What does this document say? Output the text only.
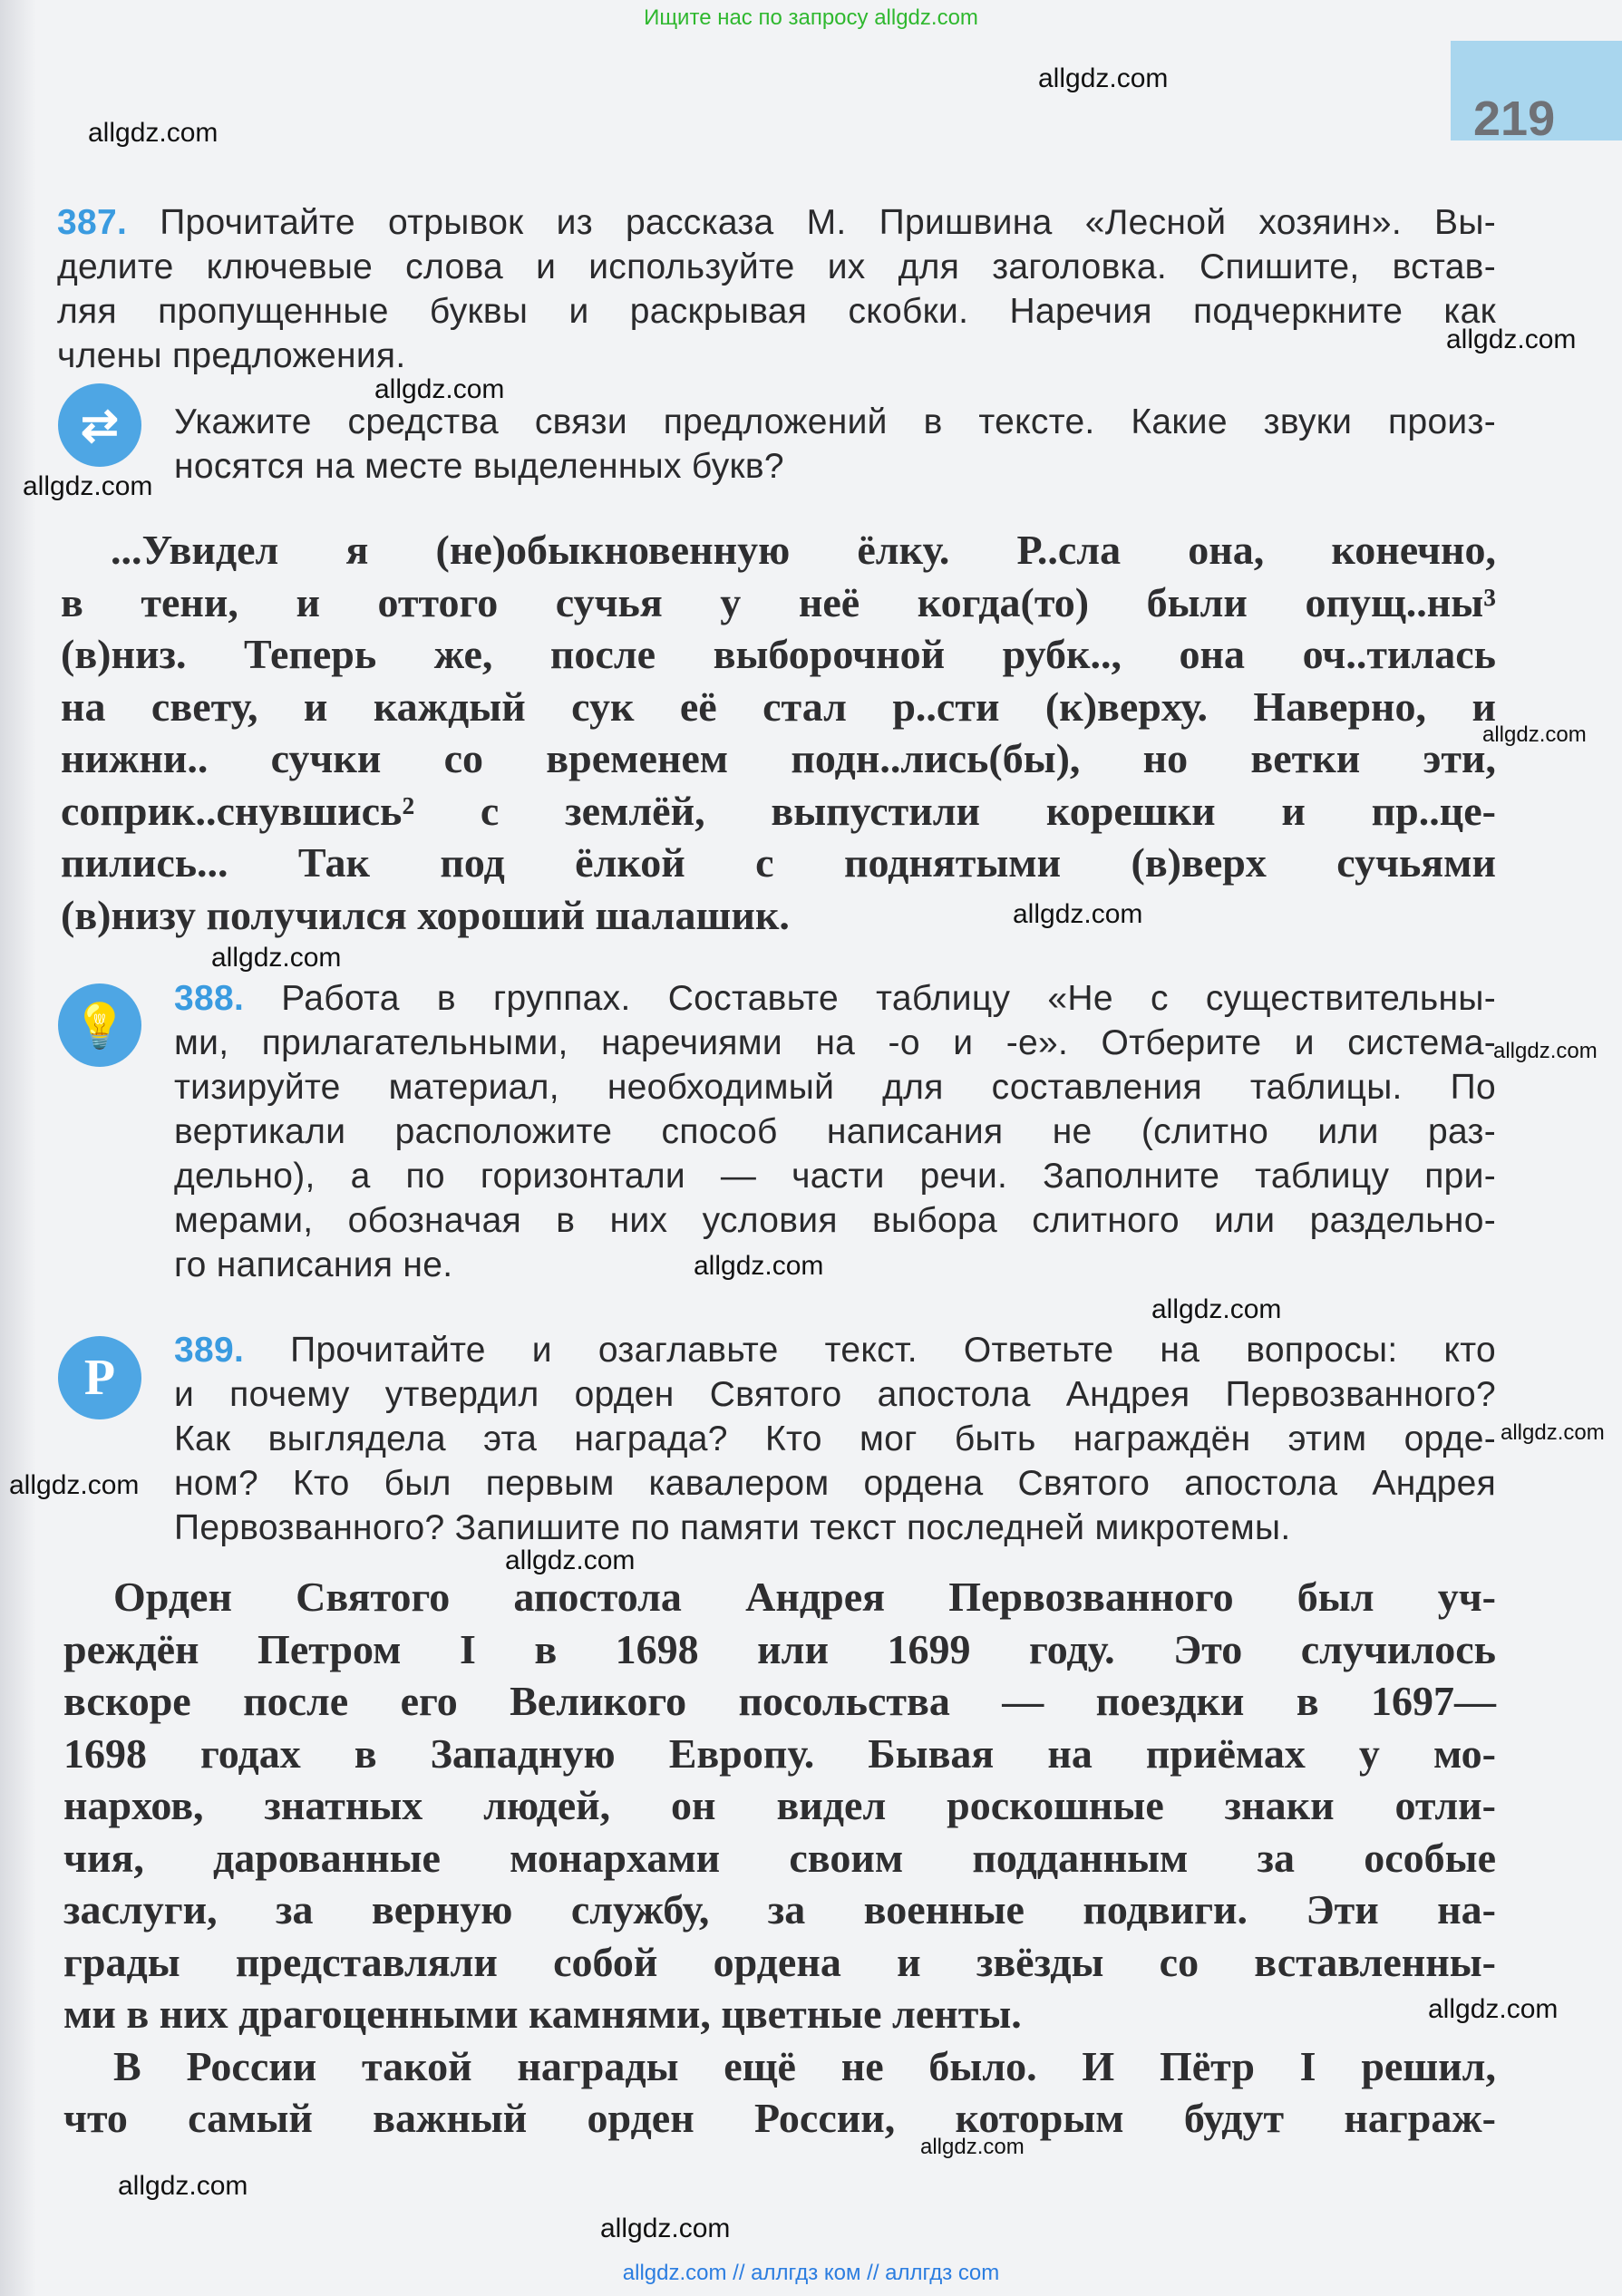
Ищите нас по запросу allgdz.com
219
allgdz.com
allgdz.com
allgdz.com
allgdz.com
allgdz.com
allgdz.com
allgdz.com
allgdz.com
allgdz.com
allgdz.com
allgdz.com
allgdz.com
allgdz.com
allgdz.com
allgdz.com
allgdz.com
allgdz.com
allgdz.com
387. Прочитайте отрывок из рассказа М. Пришвина «Лесной хозяин». Вы-
делите ключевые слова и используйте их для заголовка. Спишите, встав-
ляя пропущенные буквы и раскрывая скобки. Наречия подчеркните как
члены предложения.
⇄	Укажите средства связи предложений в тексте. Какие звуки произ-
носятся на месте выделенных букв?
...Увидел я (не)обыкновенную ёлку. Р..сла она, конечно,
в тени, и оттого сучья у неё когда(то) были опущ..ны³
(в)низ. Теперь же, после выборочной рубк.., она оч..тилась
на свету, и каждый сук её стал р..сти (к)верху. Наверно, и
нижни.. сучки со временем подн..лись(бы), но ветки эти,
соприк..снувшись² с землёй, выпустили корешки и пр..це-
пились... Так под ёлкой с поднятыми (в)верх сучьями
(в)низу получился хороший шалашик.
💡
388. Работа в группах. Составьте таблицу «Не с существительны-
ми, прилагательными, наречиями на -о и -е». Отберите и система-
тизируйте материал, необходимый для составления таблицы. По
вертикали расположите способ написания не (слитно или раз-
дельно), а по горизонтали — части речи. Заполните таблицу при-
мерами, обозначая в них условия выбора слитного или раздельно-
го написания не.
P	389. Прочитайте и озаглавьте текст. Ответьте на вопросы: кто
и почему утвердил орден Святого апостола Андрея Первозванного?
Как выглядела эта награда? Кто мог быть награждён этим орде-
ном? Кто был первым кавалером ордена Святого апостола Андрея
Первозванного? Запишите по памяти текст последней микротемы.
Орден Святого апостола Андрея Первозванного был уч-
реждён Петром I в 1698 или 1699 году. Это случилось
вскоре после его Великого посольства — поездки в 1697—
1698 годах в Западную Европу. Бывая на приёмах у мо-
нархов, знатных людей, он видел роскошные знаки отли-
чия, дарованные монархами своим подданным за особые
заслуги, за верную службу, за военные подвиги. Эти на-
грады представляли собой ордена и звёзды со вставленны-
ми в них драгоценными камнями, цветные ленты.
В России такой награды ещё не было. И Пётр I решил,
что самый важный орден России, которым будут награж-
allgdz.com // аллгдз ком // аллгдз com
